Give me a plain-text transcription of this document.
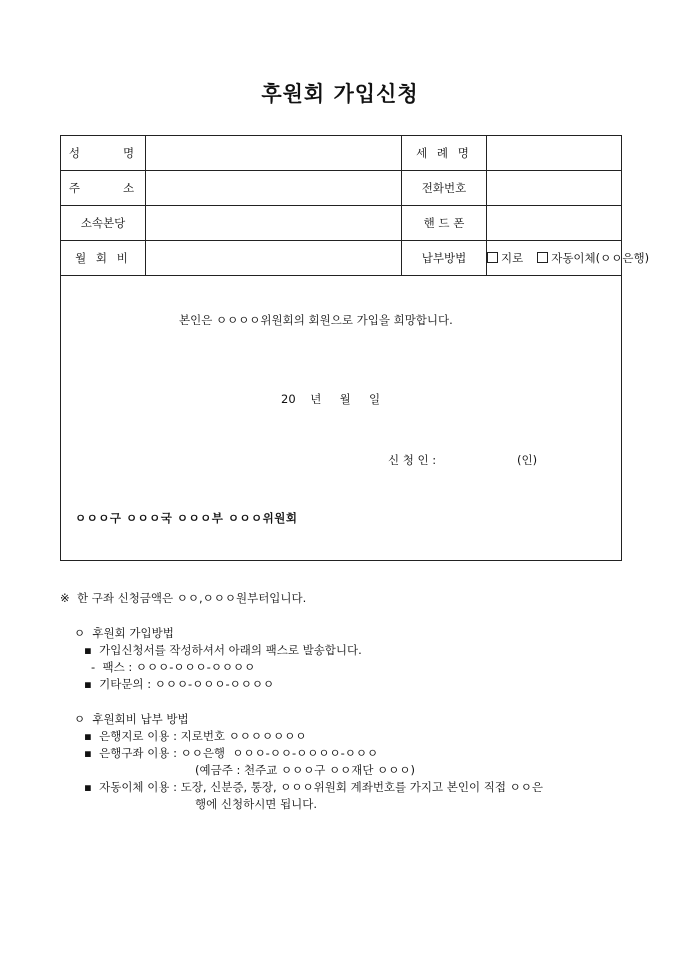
후원회 가입신청
성      명		세 례 명	
주      소		전화번호	
소속본당		핸 드 폰	
월 회 비		납부방법	지로 자동이체(ㅇㅇ은행)

본인은 ㅇㅇㅇㅇ위원회의 회원으로 가입을 희망합니다.
20    년     월     일
신 청 인 : (인)
ㅇㅇㅇ구 ㅇㅇㅇ국 ㅇㅇㅇ부 ㅇㅇㅇ위원회			
※  한 구좌 신청금액은 ㅇㅇ,ㅇㅇㅇ원부터입니다.
ㅇ  후원회 가입방법
▪  가입신청서를 작성하셔서 아래의 팩스로 발송합니다.
-  팩스 : ㅇㅇㅇ-ㅇㅇㅇ-ㅇㅇㅇㅇ
▪  기타문의 : ㅇㅇㅇ-ㅇㅇㅇ-ㅇㅇㅇㅇ
ㅇ  후원회비 납부 방법
▪  은행지로 이용 : 지로번호 ㅇㅇㅇㅇㅇㅇㅇ
▪  은행구좌 이용 : ㅇㅇ은행  ㅇㅇㅇ-ㅇㅇ-ㅇㅇㅇㅇ-ㅇㅇㅇ
(예금주 : 천주교 ㅇㅇㅇ구 ㅇㅇ재단 ㅇㅇㅇ)
▪  자동이체 이용 : 도장, 신분증, 통장, ㅇㅇㅇ위원회 계좌번호를 가지고 본인이 직접 ㅇㅇ은
행에 신청하시면 됩니다.
